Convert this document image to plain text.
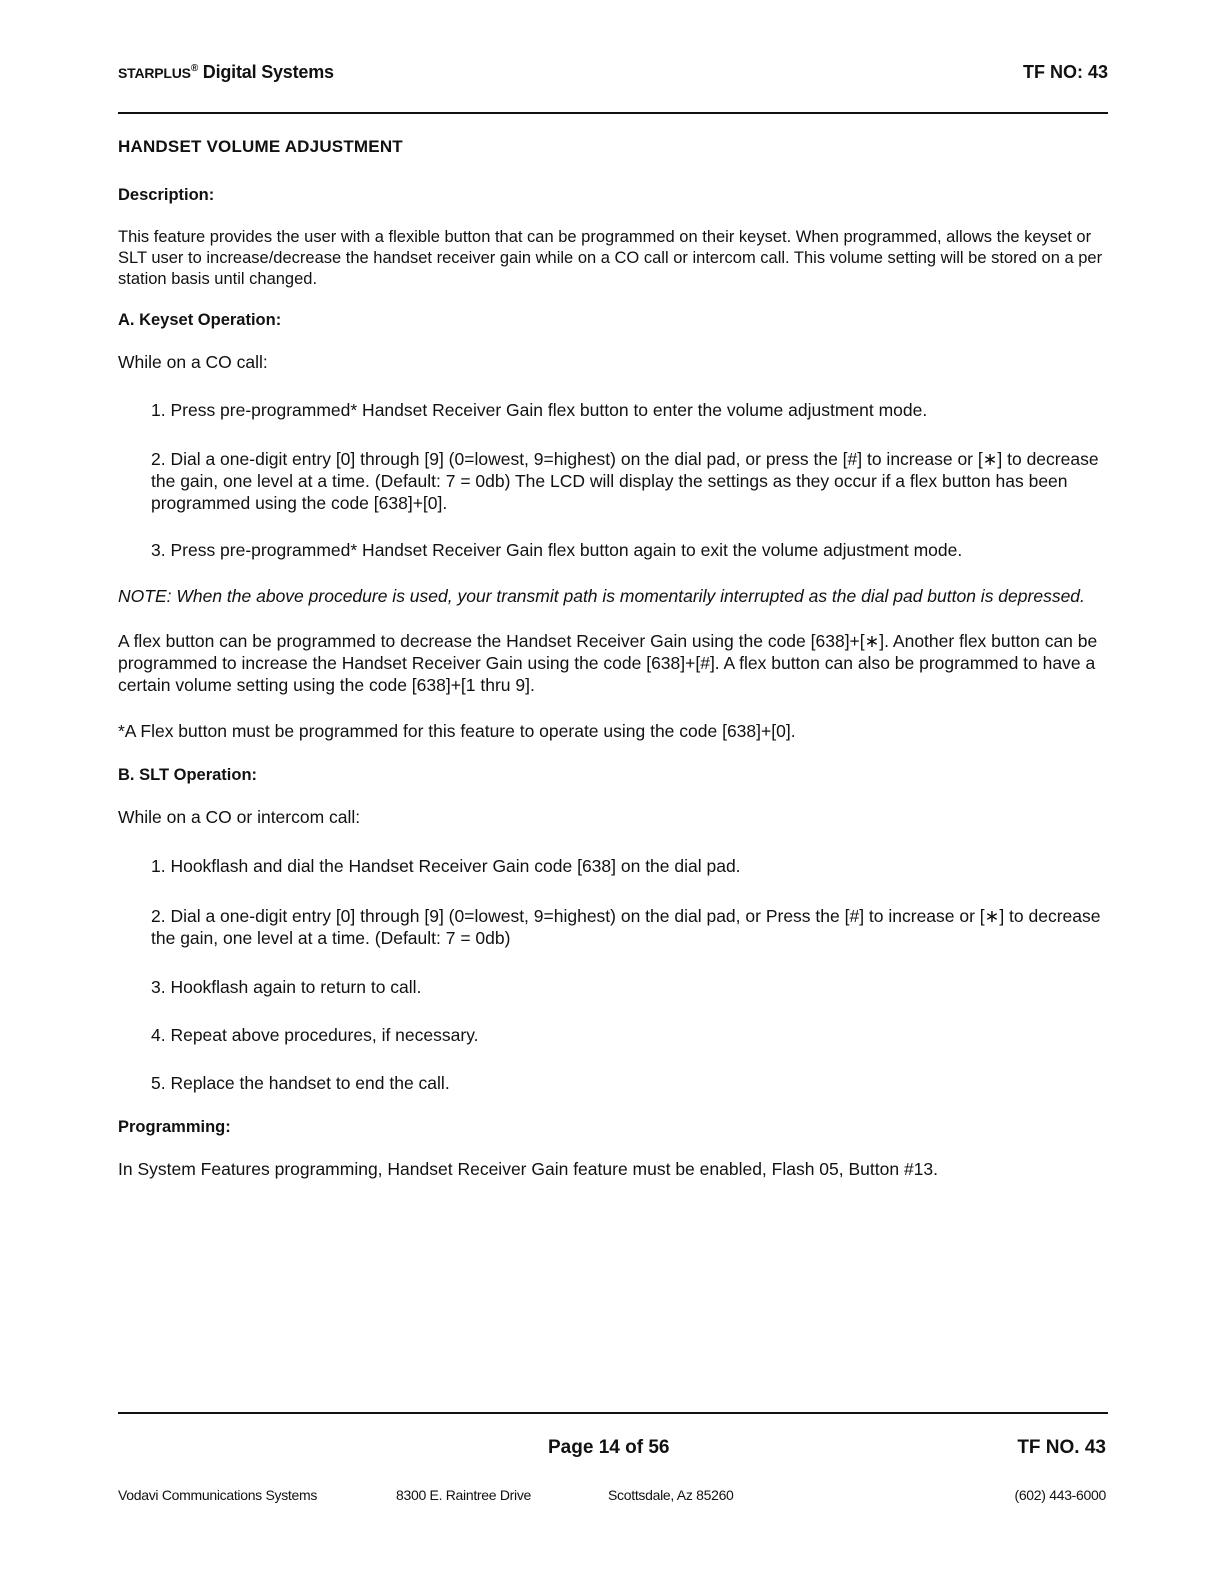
STARPLUS® Digital Systems	TF NO: 43

HANDSET VOLUME ADJUSTMENT

Description:

This feature provides the user with a flexible button that can be programmed on their keyset. When programmed, allows the keyset or SLT user to increase/decrease the handset receiver gain while on a CO call or intercom call. This volume setting will be stored on a per station basis until changed.

A. Keyset Operation:

While on a CO call:

1. Press pre-programmed* Handset Receiver Gain flex button to enter the volume adjustment mode.

2. Dial a one-digit entry [0] through [9] (0=lowest, 9=highest) on the dial pad, or press the [#] to increase or [∗] to decrease the gain, one level at a time. (Default: 7 = 0db) The LCD will display the settings as they occur if a flex button has been programmed using the code [638]+[0].

3. Press pre-programmed* Handset Receiver Gain flex button again to exit the volume adjustment mode.

NOTE: When the above procedure is used, your transmit path is momentarily interrupted as the dial pad button is depressed.

A flex button can be programmed to decrease the Handset Receiver Gain using the code [638]+[∗]. Another flex button can be programmed to increase the Handset Receiver Gain using the code [638]+[#]. A flex button can also be programmed to have a certain volume setting using the code [638]+[1 thru 9].

*A Flex button must be programmed for this feature to operate using the code [638]+[0].

B. SLT Operation:

While on a CO or intercom call:

1. Hookflash and dial the Handset Receiver Gain code [638] on the dial pad.

2. Dial a one-digit entry [0] through [9] (0=lowest, 9=highest) on the dial pad, or Press the [#] to increase or [∗] to decrease the gain, one level at a time. (Default: 7 = 0db)

3. Hookflash again to return to call.

4. Repeat above procedures, if necessary.

5. Replace the handset to end the call.

Programming:

In System Features programming, Handset Receiver Gain feature must be enabled, Flash 05, Button #13.

Page 14 of 56	TF NO. 43
Vodavi Communications Systems	8300 E. Raintree Drive	Scottsdale, Az 85260	(602) 443-6000
